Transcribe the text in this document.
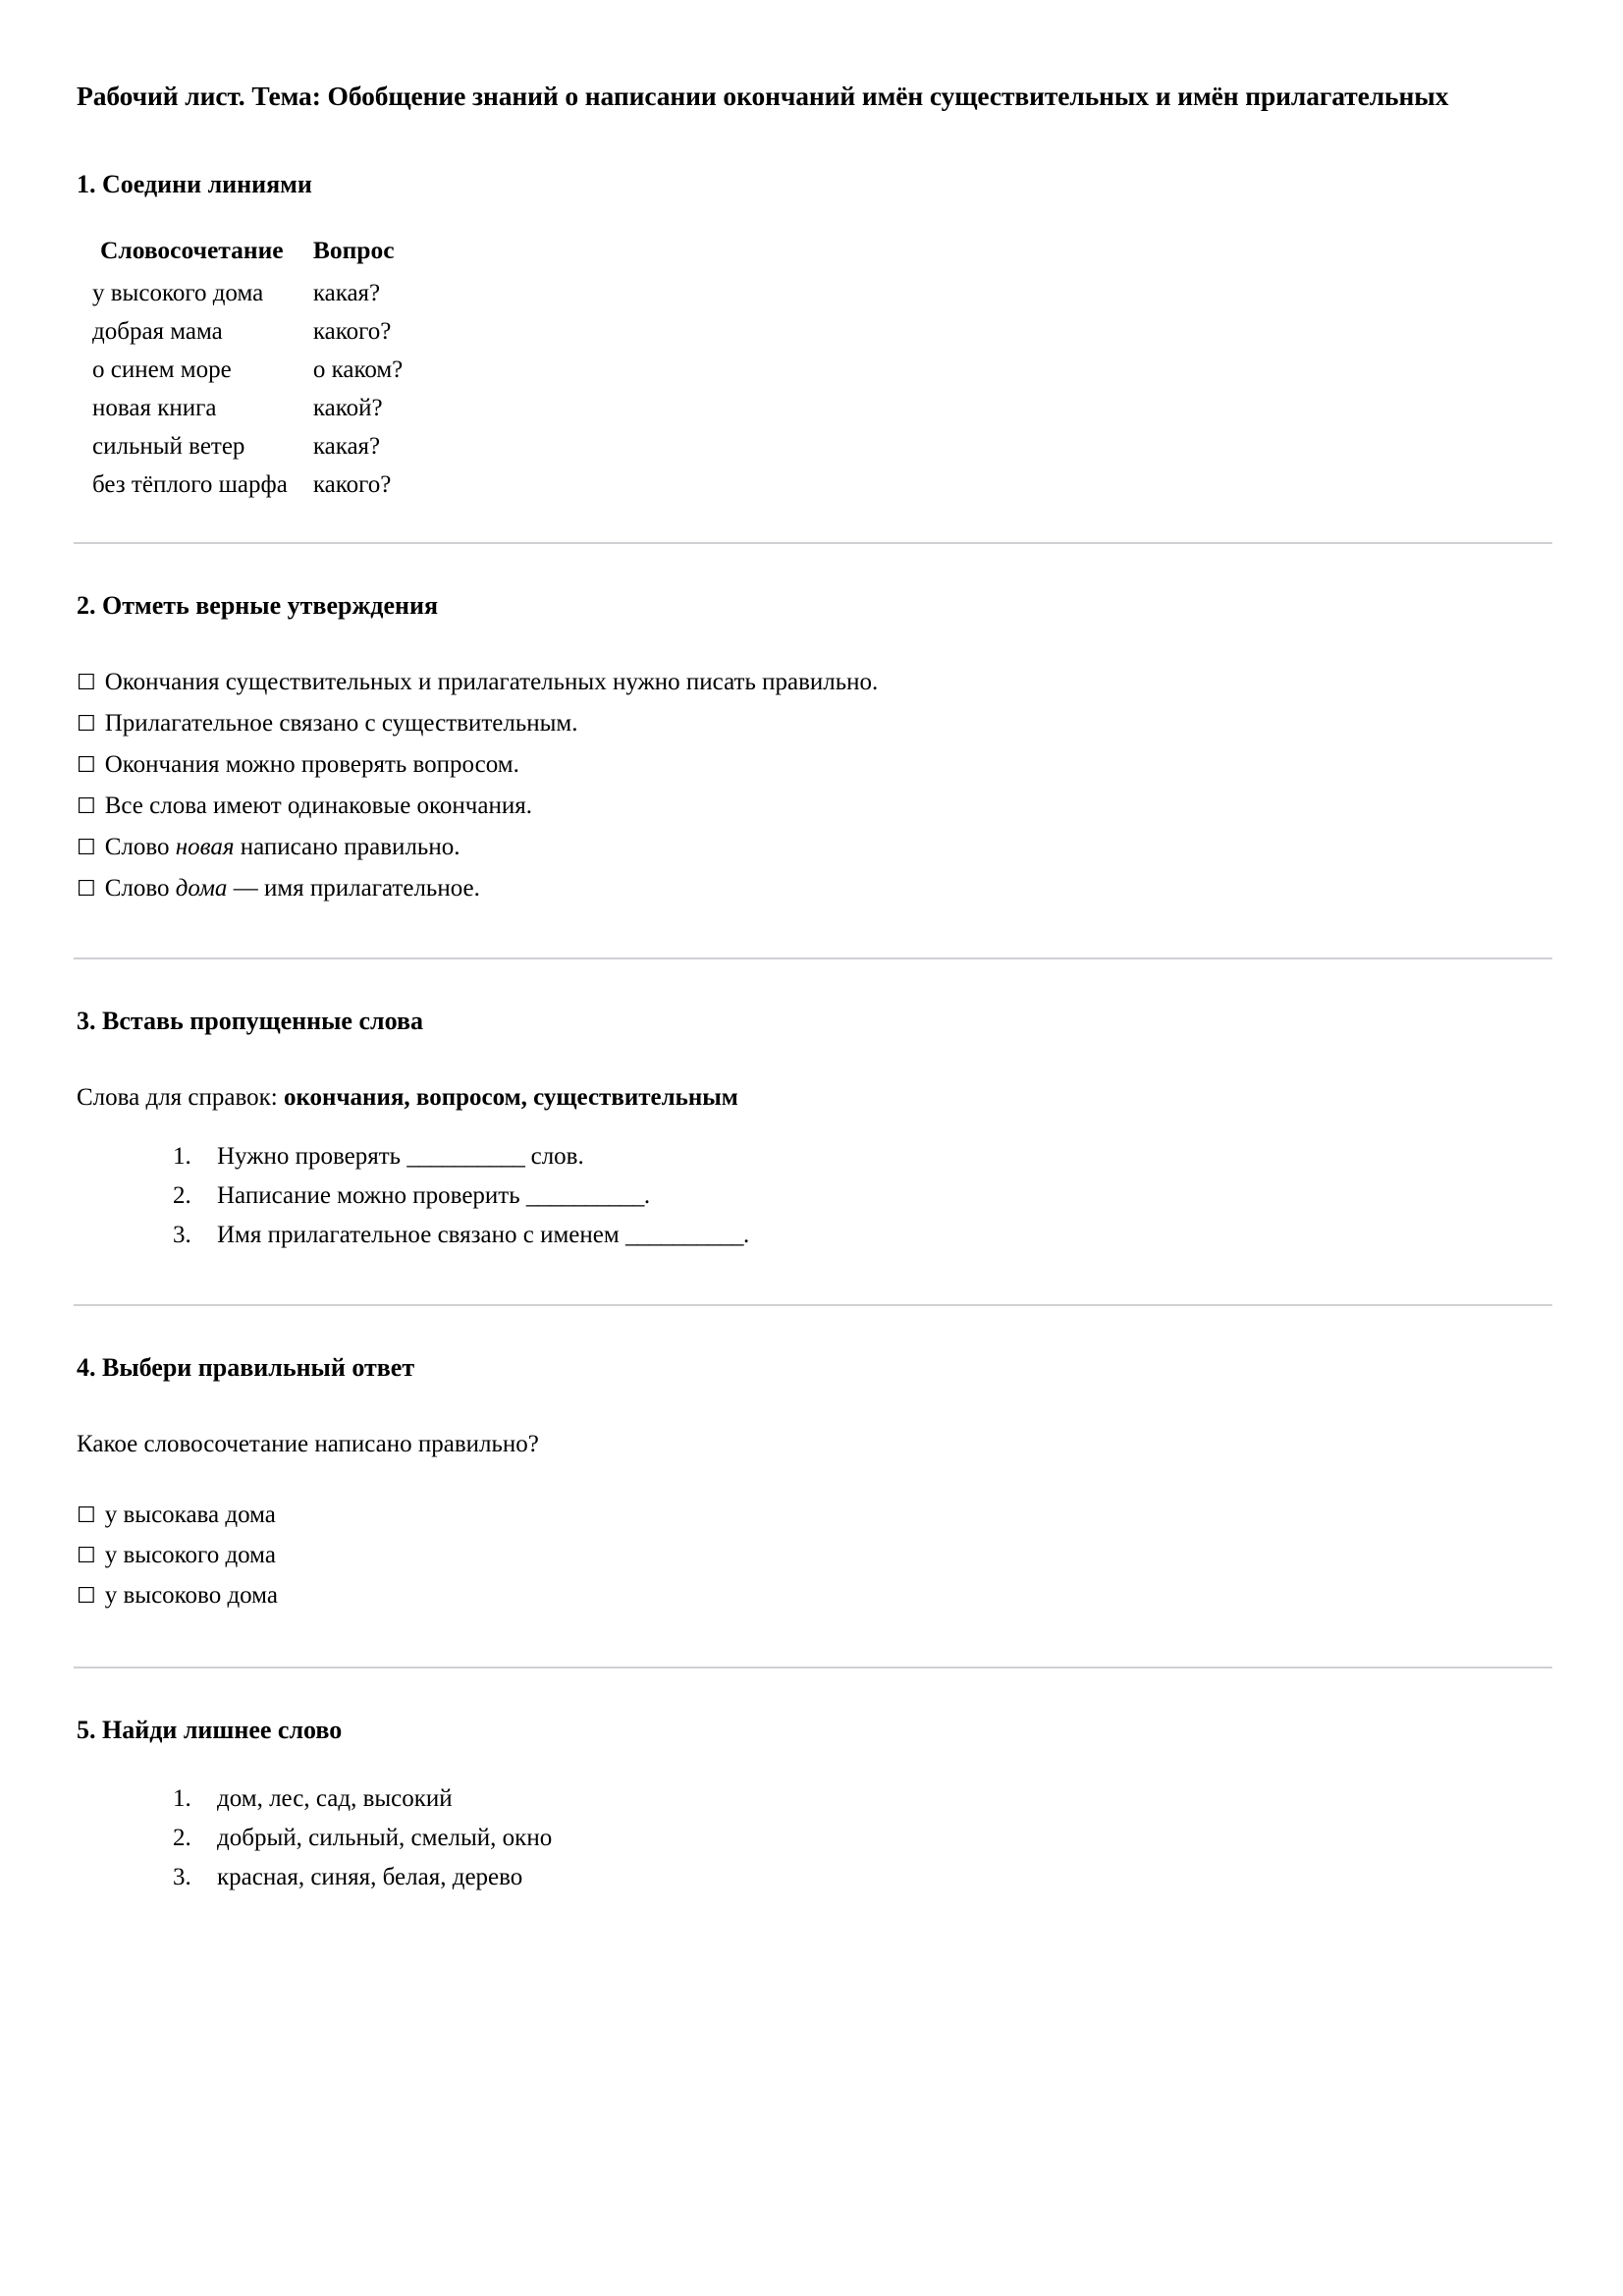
Рабочий лист. Тема: Обобщение знаний о написании окончаний имён существительных и имён прилагательных
1. Соедини линиями
Словосочетание	Вопрос
у высокого дома	какая?
добрая мама	какого?
о синем море	о каком?
новая книга	какой?
сильный ветер	какая?
без тёплого шарфа	какого?
2. Отметь верные утверждения
☐ Окончания существительных и прилагательных нужно писать правильно.
☐ Прилагательное связано с существительным.
☐ Окончания можно проверять вопросом.
☐ Все слова имеют одинаковые окончания.
☐ Слово новая написано правильно.
☐ Слово дома — имя прилагательное.
3. Вставь пропущенные слова

Слова для справок: окончания, вопросом, существительным

1. Нужно проверять __________ слов.
2. Написание можно проверить __________.
3. Имя прилагательное связано с именем __________.
4. Выбери правильный ответ

Какое словосочетание написано правильно?

☐ у высокава дома
☐ у высокого дома
☐ у высоково дома
5. Найди лишнее слово
1. дом, лес, сад, высокий
2. добрый, сильный, смелый, окно
3. красная, синяя, белая, дерево
